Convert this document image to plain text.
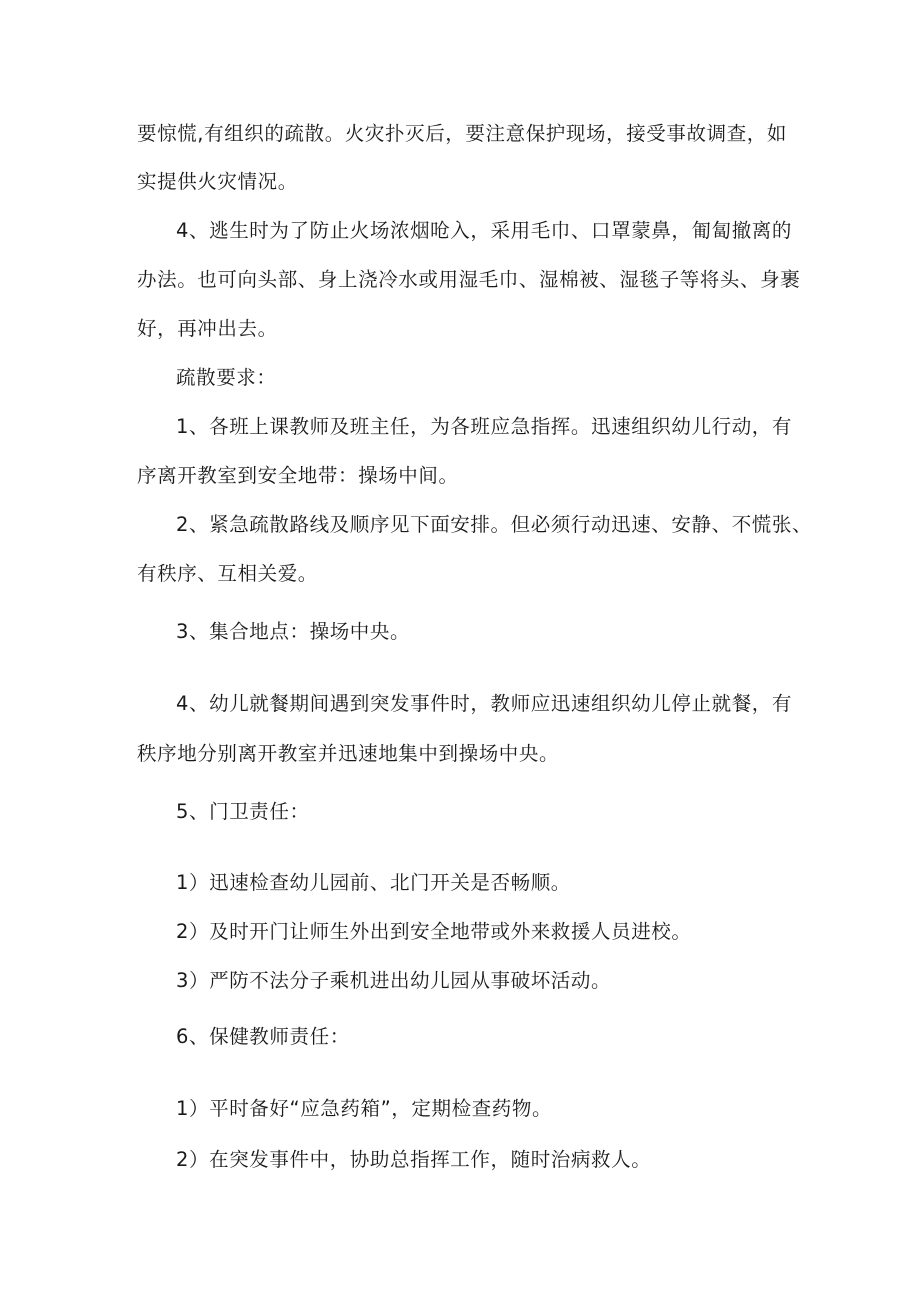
要惊慌,有组织的疏散。火灾扑灭后，要注意保护现场，接受事故调查，如
实提供火灾情况。
4、逃生时为了防止火场浓烟呛入，采用毛巾、口罩蒙鼻，匍匐撤离的
办法。也可向头部、身上浇冷水或用湿毛巾、湿棉被、湿毯子等将头、身裹
好，再冲出去。
疏散要求：
1、各班上课教师及班主任，为各班应急指挥。迅速组织幼儿行动，有
序离开教室到安全地带：操场中间。
2、紧急疏散路线及顺序见下面安排。但必须行动迅速、安静、不慌张、
有秩序、互相关爱。
3、集合地点：操场中央。
4、幼儿就餐期间遇到突发事件时，教师应迅速组织幼儿停止就餐，有
秩序地分别离开教室并迅速地集中到操场中央。
5、门卫责任：
1）迅速检查幼儿园前、北门开关是否畅顺。
2）及时开门让师生外出到安全地带或外来救援人员进校。
3）严防不法分子乘机进出幼儿园从事破坏活动。
6、保健教师责任：
1）平时备好“应急药箱”，定期检查药物。
2）在突发事件中，协助总指挥工作，随时治病救人。
